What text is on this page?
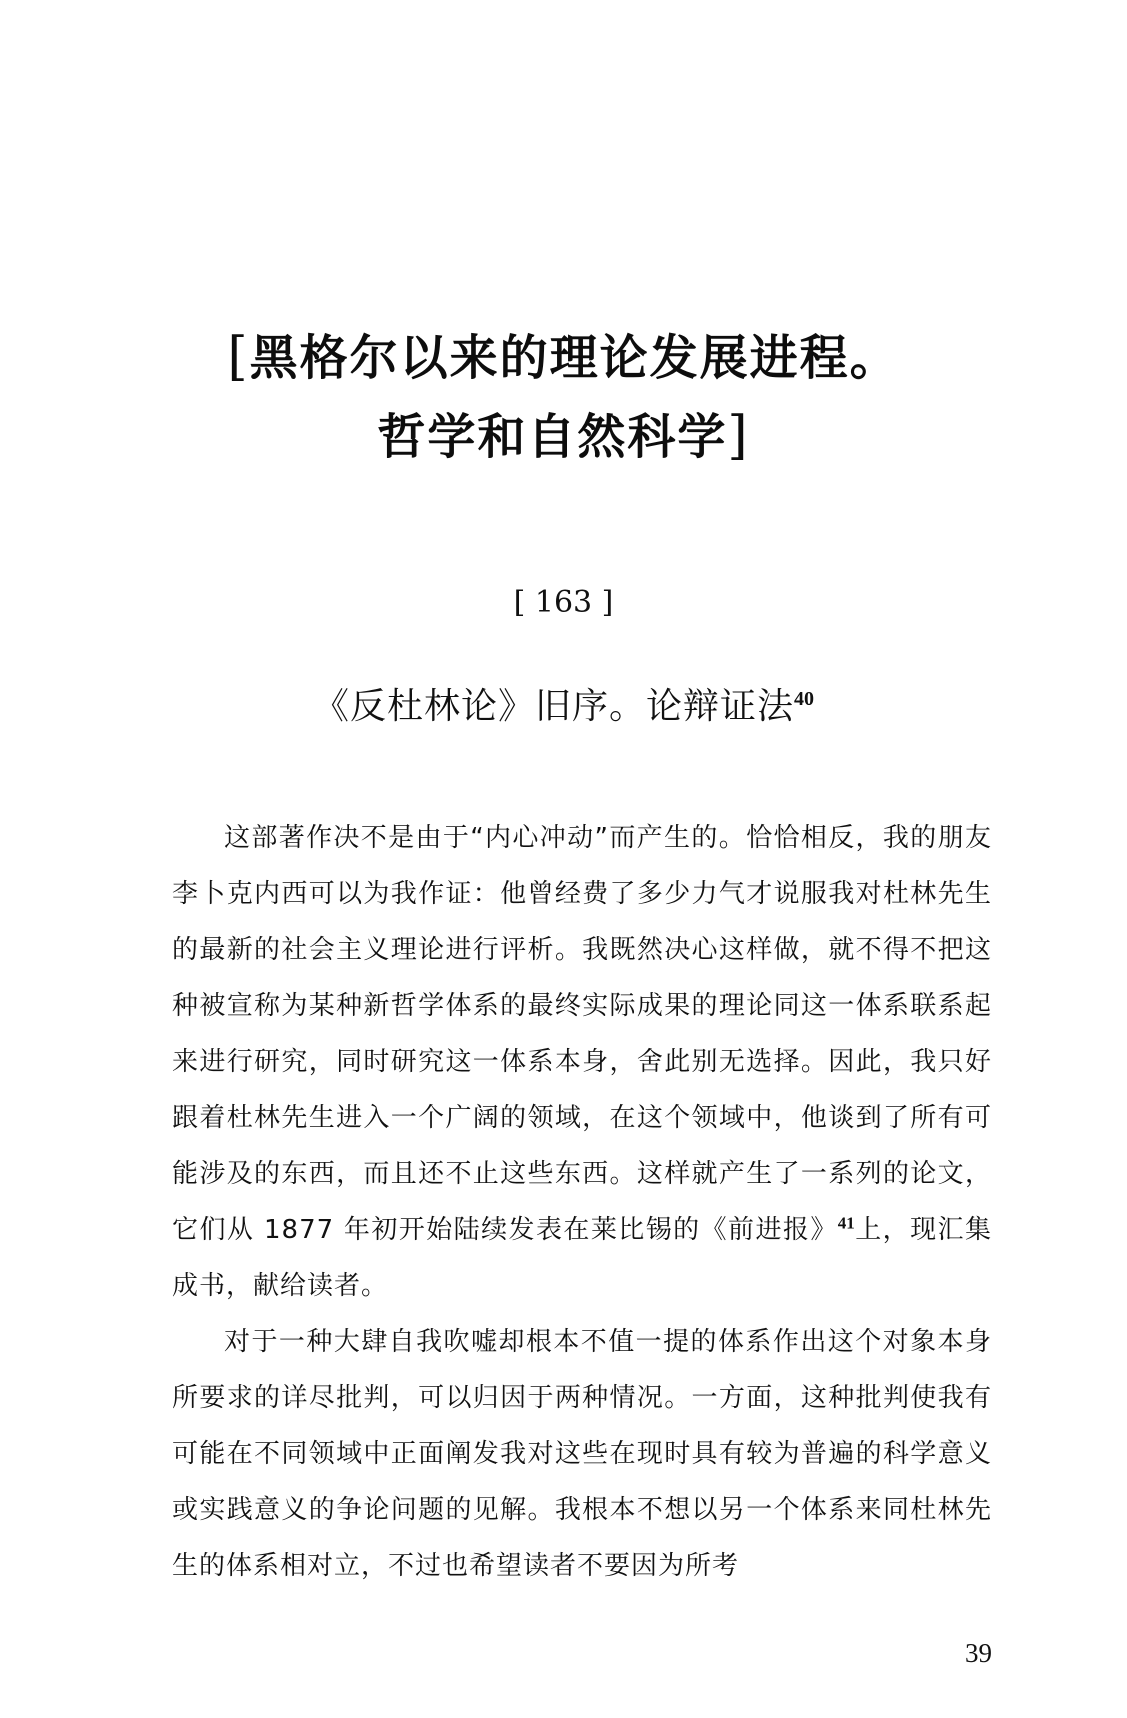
[黑格尔以来的理论发展进程。
哲学和自然科学]
[ 163 ]
《反杜林论》旧序。论辩证法$^{40}$

这部著作决不是由于“内心冲动”而产生的。恰恰相反，我的朋友李卜克内西可以为我作证：他曾经费了多少力气才说服我对杜林先生的最新的社会主义理论进行评析。我既然决心这样做，就不得不把这种被宣称为某种新哲学体系的最终实际成果的理论同这一体系联系起来进行研究，同时研究这一体系本身，舍此别无选择。因此，我只好跟着杜林先生进入一个广阔的领域，在这个领域中，他谈到了所有可能涉及的东西，而且还不止这些东西。这样就产生了一系列的论文，它们从 1877 年初开始陆续发表在莱比锡的《前进报》$^{41}$上，现汇集成书，献给读者。

对于一种大肆自我吹嘘却根本不值一提的体系作出这个对象本身所要求的详尽批判，可以归因于两种情况。一方面，这种批判使我有可能在不同领域中正面阐发我对这些在现时具有较为普遍的科学意义或实践意义的争论问题的见解。我根本不想以另一个体系来同杜林先生的体系相对立，不过也希望读者不要因为所考

39
